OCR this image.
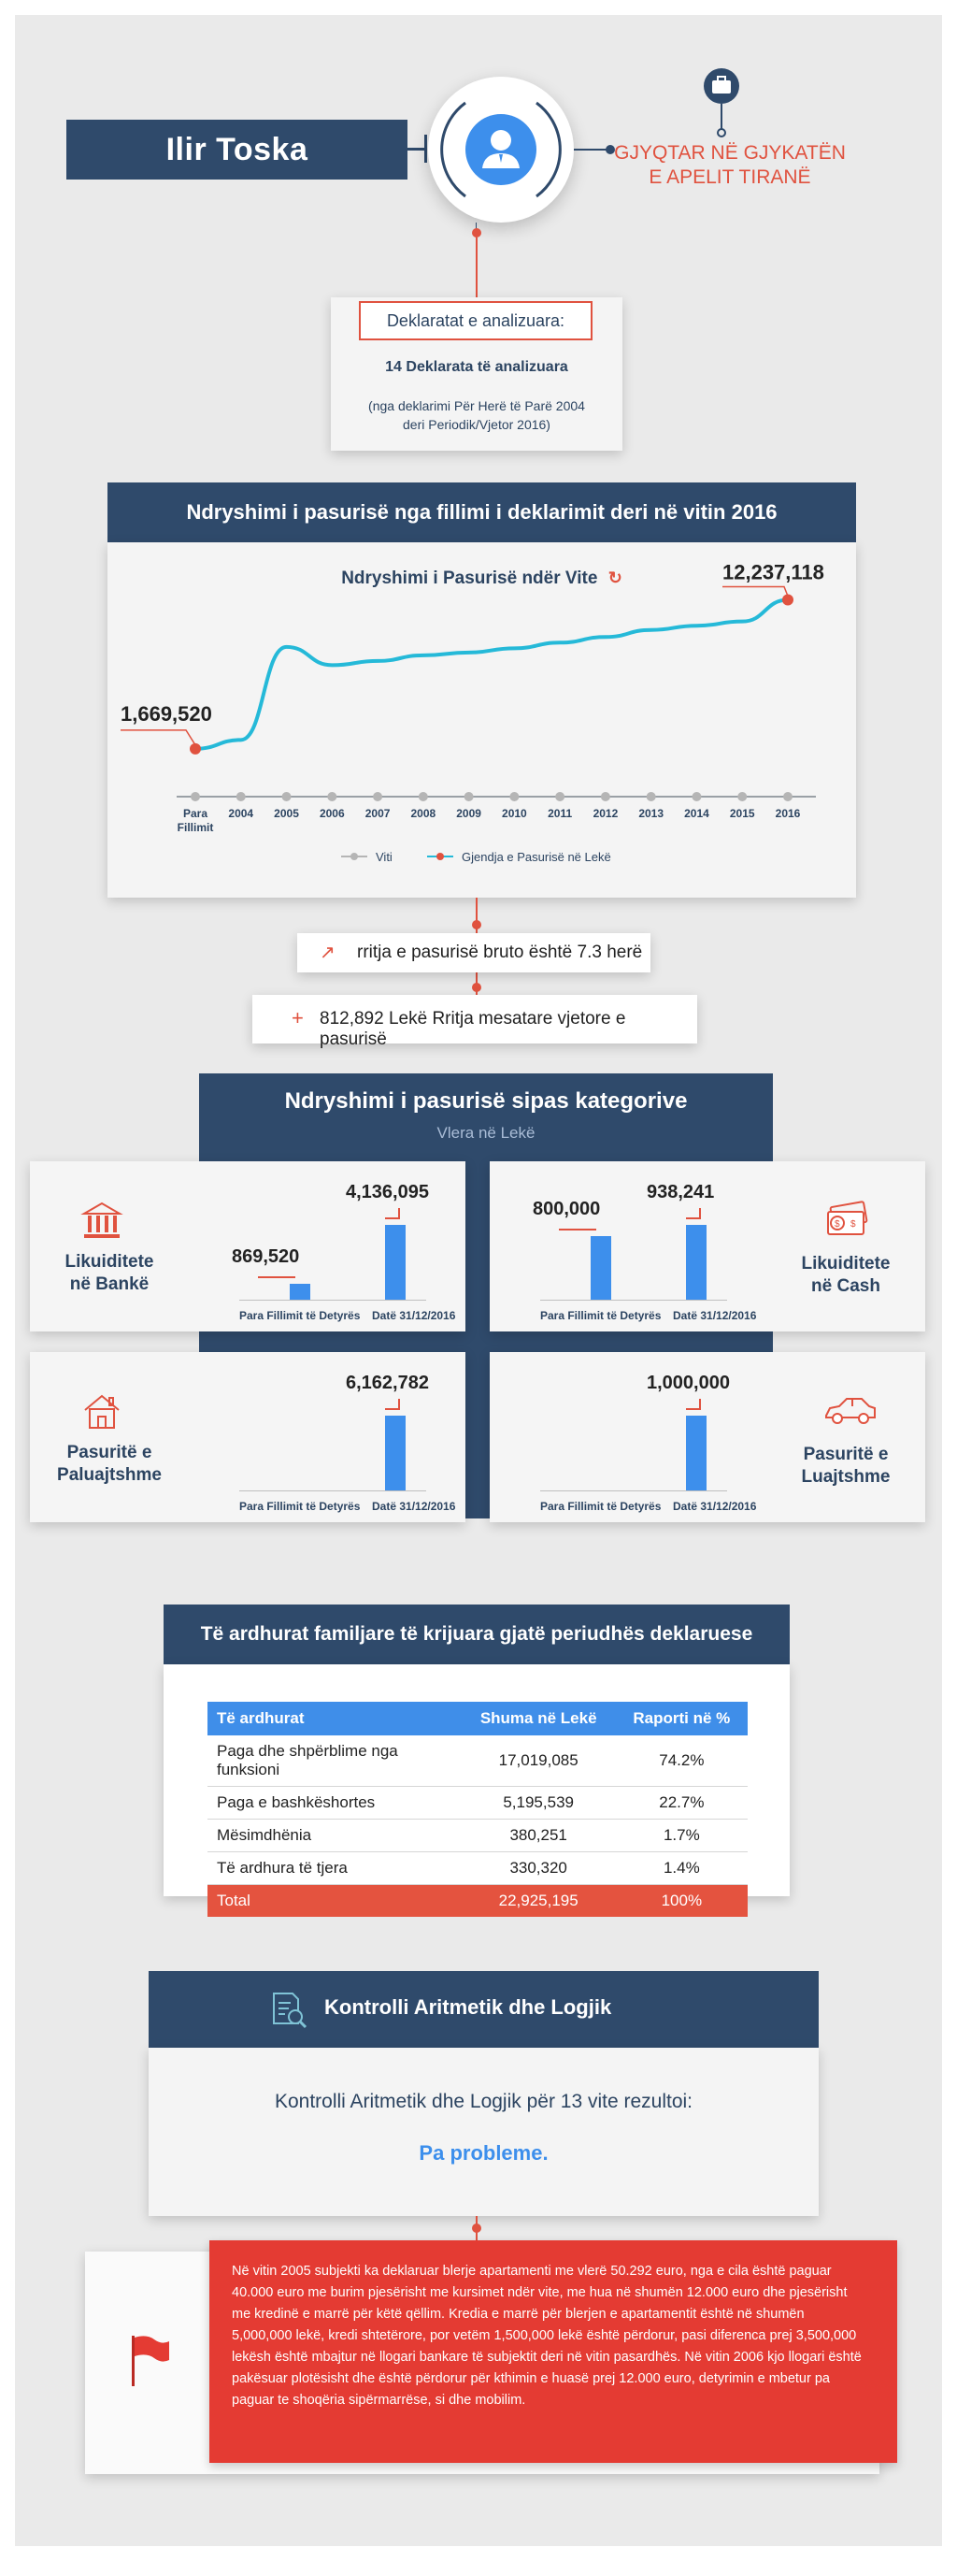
Ilir Toska	GJYQTAR NË GJYKATËN E APELIT TIRANË
Deklaratat e analizuara:
14 Deklarata të analizuara
(nga deklarimi Për Herë të Parë 2004
deri Periodik/Vjetor 2016)
Ndryshimi i pasurisë nga fillimi i deklarimit deri në vitin 2016
Ndryshimi i Pasurisë ndër Vite ↻
Para
Fillimit
2004 2005 2006 2007 2008 2009 2010 2011 2012 2013 2014 2015 2016
1,669,520
12,237,118
Viti	Gjendja e Pasurisë në Lekë
↗ rritja e pasurisë bruto është 7.3 herë
+ 812,892 Lekë Rritja mesatare vjetore e pasurisë
Ndryshimi i pasurisë sipas kategorive
Vlera në Lekë
Likuiditete
në Bankë
869,520
4,136,095
Para Fillimit të Detyrës Datë 31/12/2016
$ $
Likuiditete
në Cash
800,000
938,241
Para Fillimit të Detyrës Datë 31/12/2016
Pasuritë e
Paluajtshme
6,162,782
Para Fillimit të Detyrës Datë 31/12/2016
Pasuritë e
Luajtshme
1,000,000
Para Fillimit të Detyrës Datë 31/12/2016
Të ardhurat familjare të krijuara gjatë periudhës deklaruese
Të ardhurat	Shuma në Lekë	Raporti në %
Paga dhe shpërblime nga funksioni	17,019,085	74.2%
Paga e bashkëshortes	5,195,539	22.7%
Mësimdhënia	380,251	1.7%
Të ardhura të tjera	330,320	1.4%
Total	22,925,195	100%
Kontrolli Aritmetik dhe Logjik
Kontrolli Aritmetik dhe Logjik për 13 vite rezultoi:
Pa probleme.
Në vitin 2005 subjekti ka deklaruar blerje apartamenti me vlerë 50.292 euro, nga e cila është paguar 40.000 euro me burim pjesërisht me kursimet ndër vite, me hua në shumën 12.000 euro dhe pjesërisht me kredinë e marrë për këtë qëllim. Kredia e marrë për blerjen e apartamentit është në shumën 5,000,000 lekë, kredi shtetërore, por vetëm 1,500,000 lekë është përdorur, pasi diferenca prej 3,500,000 lekësh është mbajtur në llogari bankare të subjektit deri në vitin pasardhës. Në vitin 2006 kjo llogari është pakësuar plotësisht dhe është përdorur për kthimin e huasë prej 12.000 euro, detyrimin e mbetur pa paguar te shoqëria sipërmarrëse, si dhe mobilim.
